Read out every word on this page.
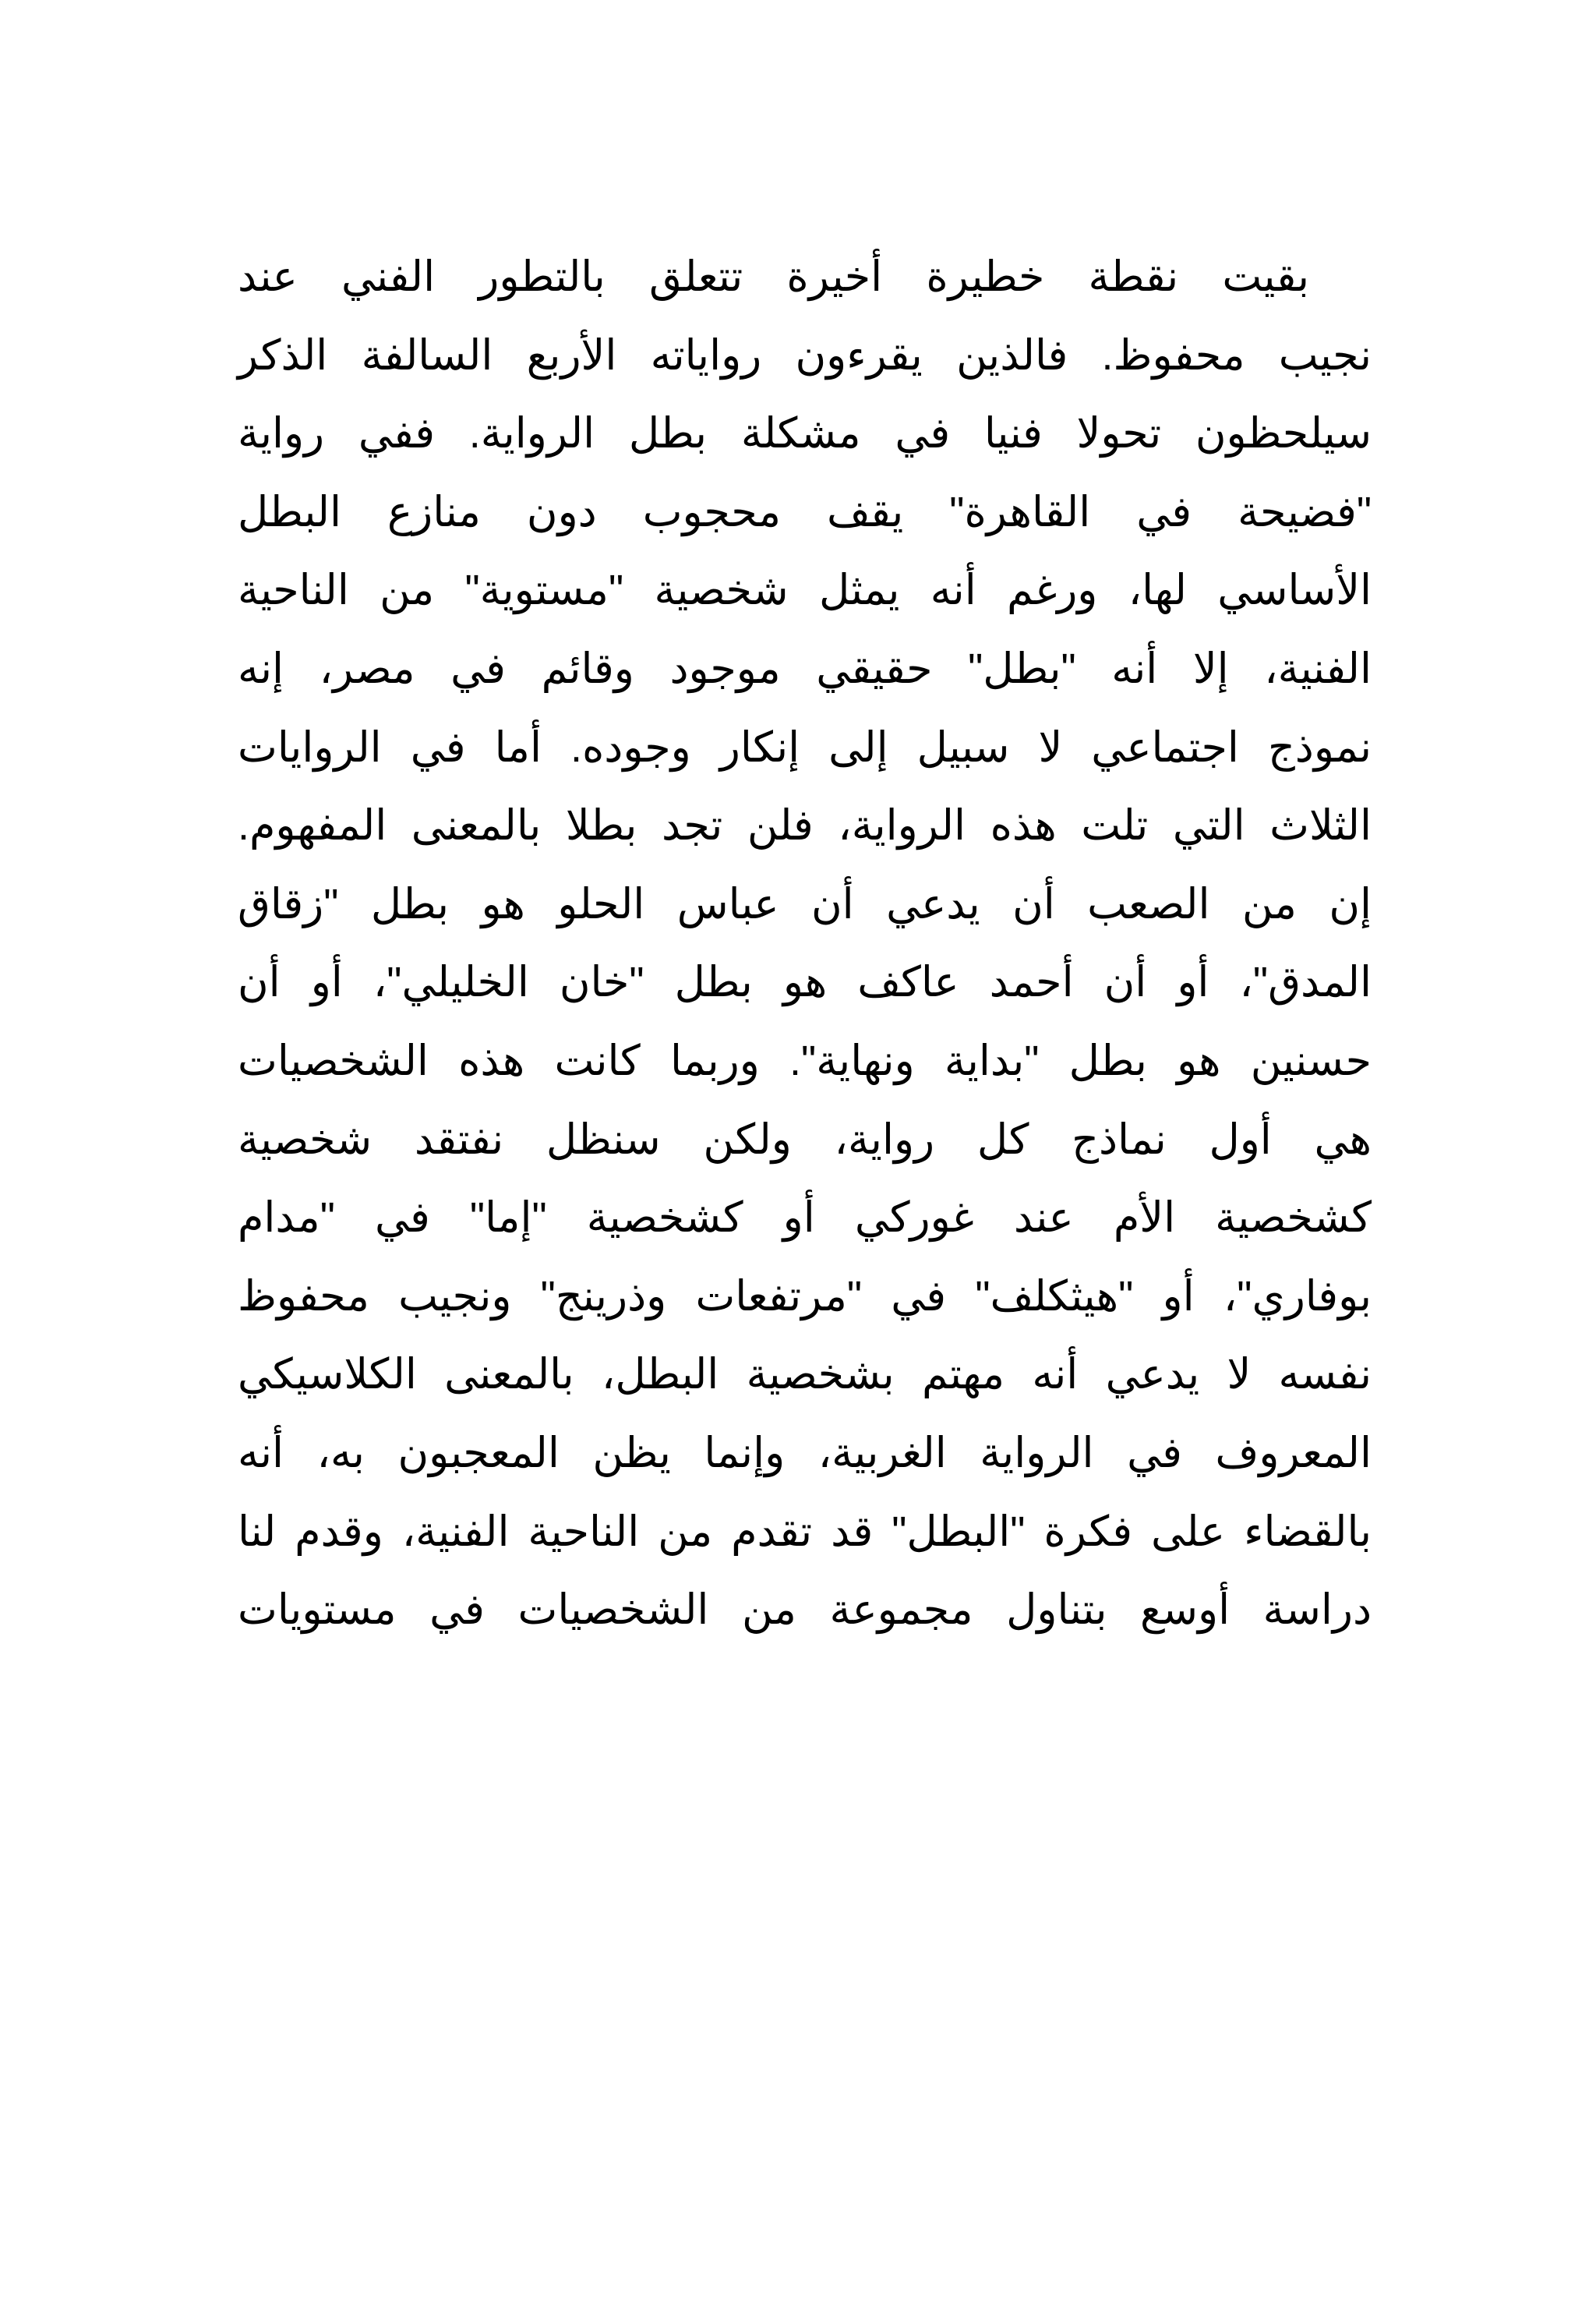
بقيت نقطة خطيرة أخيرة تتعلق بالتطور الفني عند
نجيب محفوظ. فالذين يقرءون رواياته الأربع السالفة الذكر
سيلحظون تحولا فنيا في مشكلة بطل الرواية. ففي رواية
"فضيحة في القاهرة" يقف محجوب دون منازع البطل
الأساسي لها، ورغم أنه يمثل شخصية "مستوية" من الناحية
الفنية، إلا أنه "بطل" حقيقي موجود وقائم في مصر، إنه
نموذج اجتماعي لا سبيل إلى إنكار وجوده. أما في الروايات
الثلاث التي تلت هذه الرواية، فلن تجد بطلا بالمعنى المفهوم.
إن من الصعب أن يدعي أن عباس الحلو هو بطل "زقاق
المدق"، أو أن أحمد عاكف هو بطل "خان الخليلي"، أو أن
حسنين هو بطل "بداية ونهاية". وربما كانت هذه الشخصيات
هي أول نماذج كل رواية، ولكن سنظل نفتقد شخصية
كشخصية الأم عند غوركي أو كشخصية "إما" في "مدام
بوفاري"، أو "هيثكلف" في "مرتفعات وذرينج" ونجيب محفوظ
نفسه لا يدعي أنه مهتم بشخصية البطل، بالمعنى الكلاسيكي
المعروف في الرواية الغربية، وإنما يظن المعجبون به، أنه
بالقضاء على فكرة "البطل" قد تقدم من الناحية الفنية، وقدم لنا
دراسة أوسع بتناول مجموعة من الشخصيات في مستويات
